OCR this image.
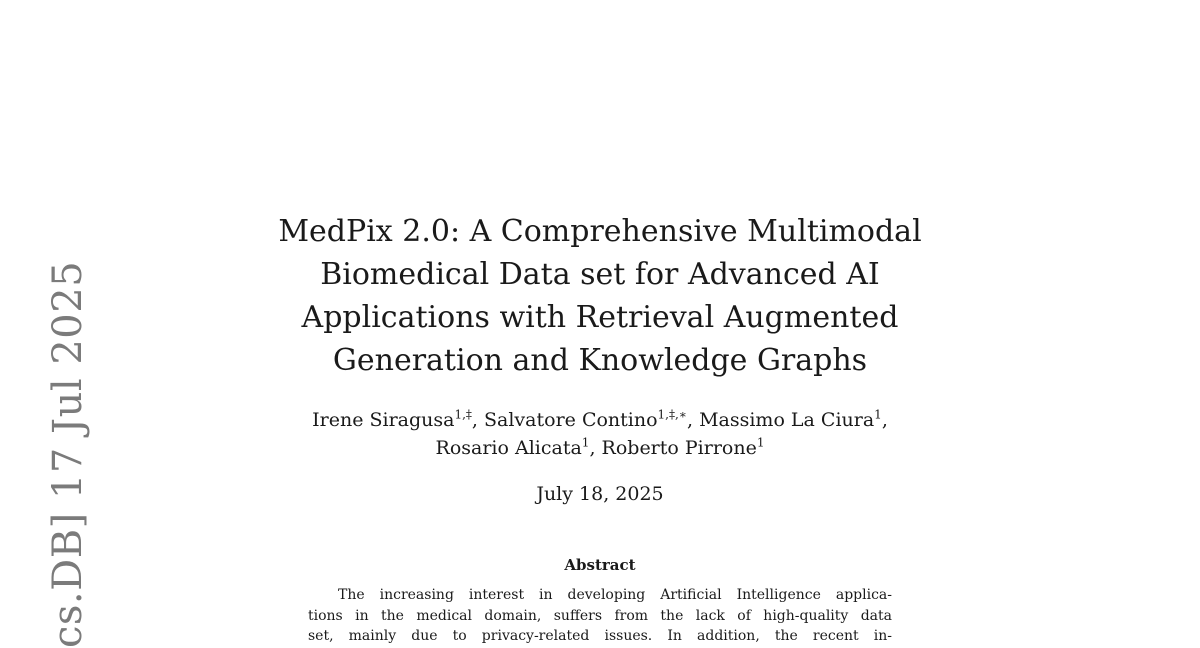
cs.DB] 17 Jul 2025
MedPix 2.0: A Comprehensive Multimodal
Biomedical Data set for Advanced AI
Applications with Retrieval Augmented
Generation and Knowledge Graphs

Irene Siragusa$^{1,\ddagger}$, Salvatore Contino$^{1,\ddagger,∗}$, Massimo La Ciura$^1$,
Rosario Alicata$^1$, Roberto Pirrone$^1$

July 18, 2025

Abstract
The increasing interest in developing Artificial Intelligence applica-
tions in the medical domain, suffers from the lack of high-quality data
set, mainly due to privacy-related issues. In addition, the recent in-
